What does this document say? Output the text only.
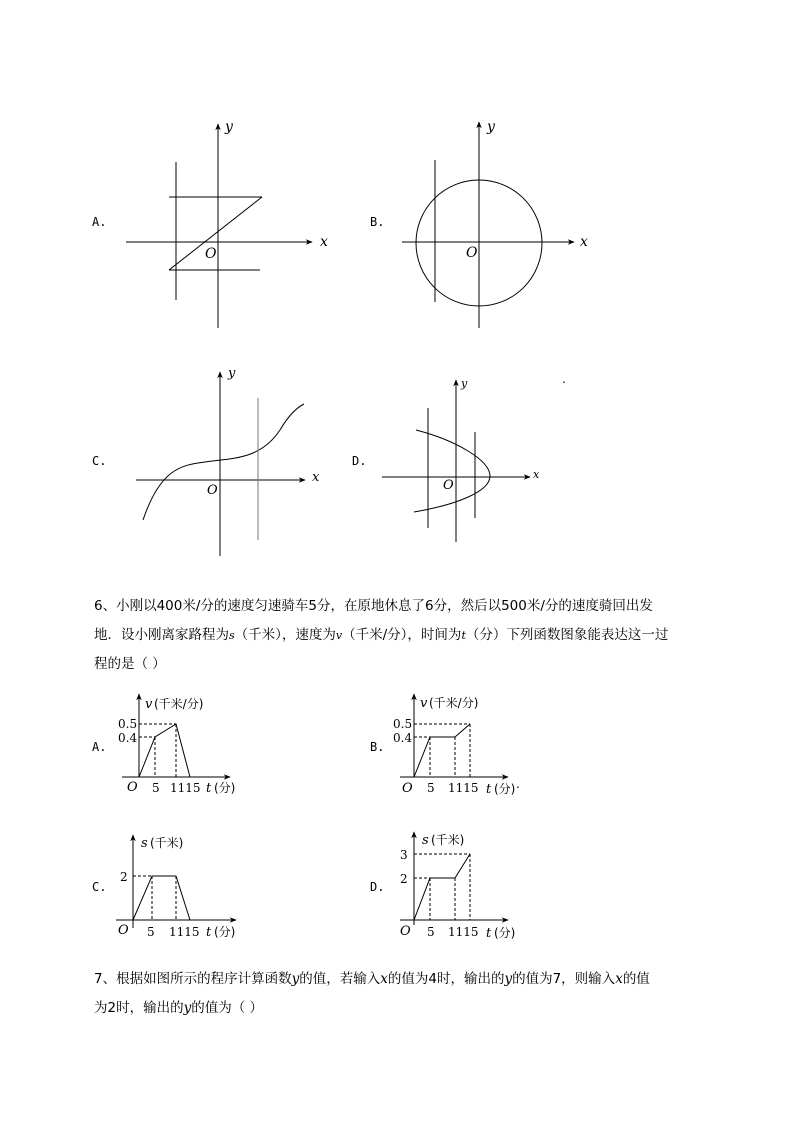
A.	B.
C.	D.
x
y
O
x
y
O
x
y
O
x
y
O
.
6、小刚以400米/分的速度匀速骑车5分，在原地休息了6分，然后以500米/分的速度骑回出发
地．设小刚离家路程为s（千米），速度为v（千米/分），时间为t（分）下列函数图象能表达这一过
程的是（ ）
A.	B.
C.	D.
v (千米/分)
0.5
0.4
O 5 1115 t (分)
v (千米/分)
0.5
0.4
O 5 1115 t (分) .
s (千米)
2
O 5 1115 t (分)
s (千米)
3
2
O 5 1115 t (分)
7、根据如图所示的程序计算函数y的值，若输入x的值为4时，输出的y的值为7，则输入x的值
为2时，输出的y的值为（ ）
